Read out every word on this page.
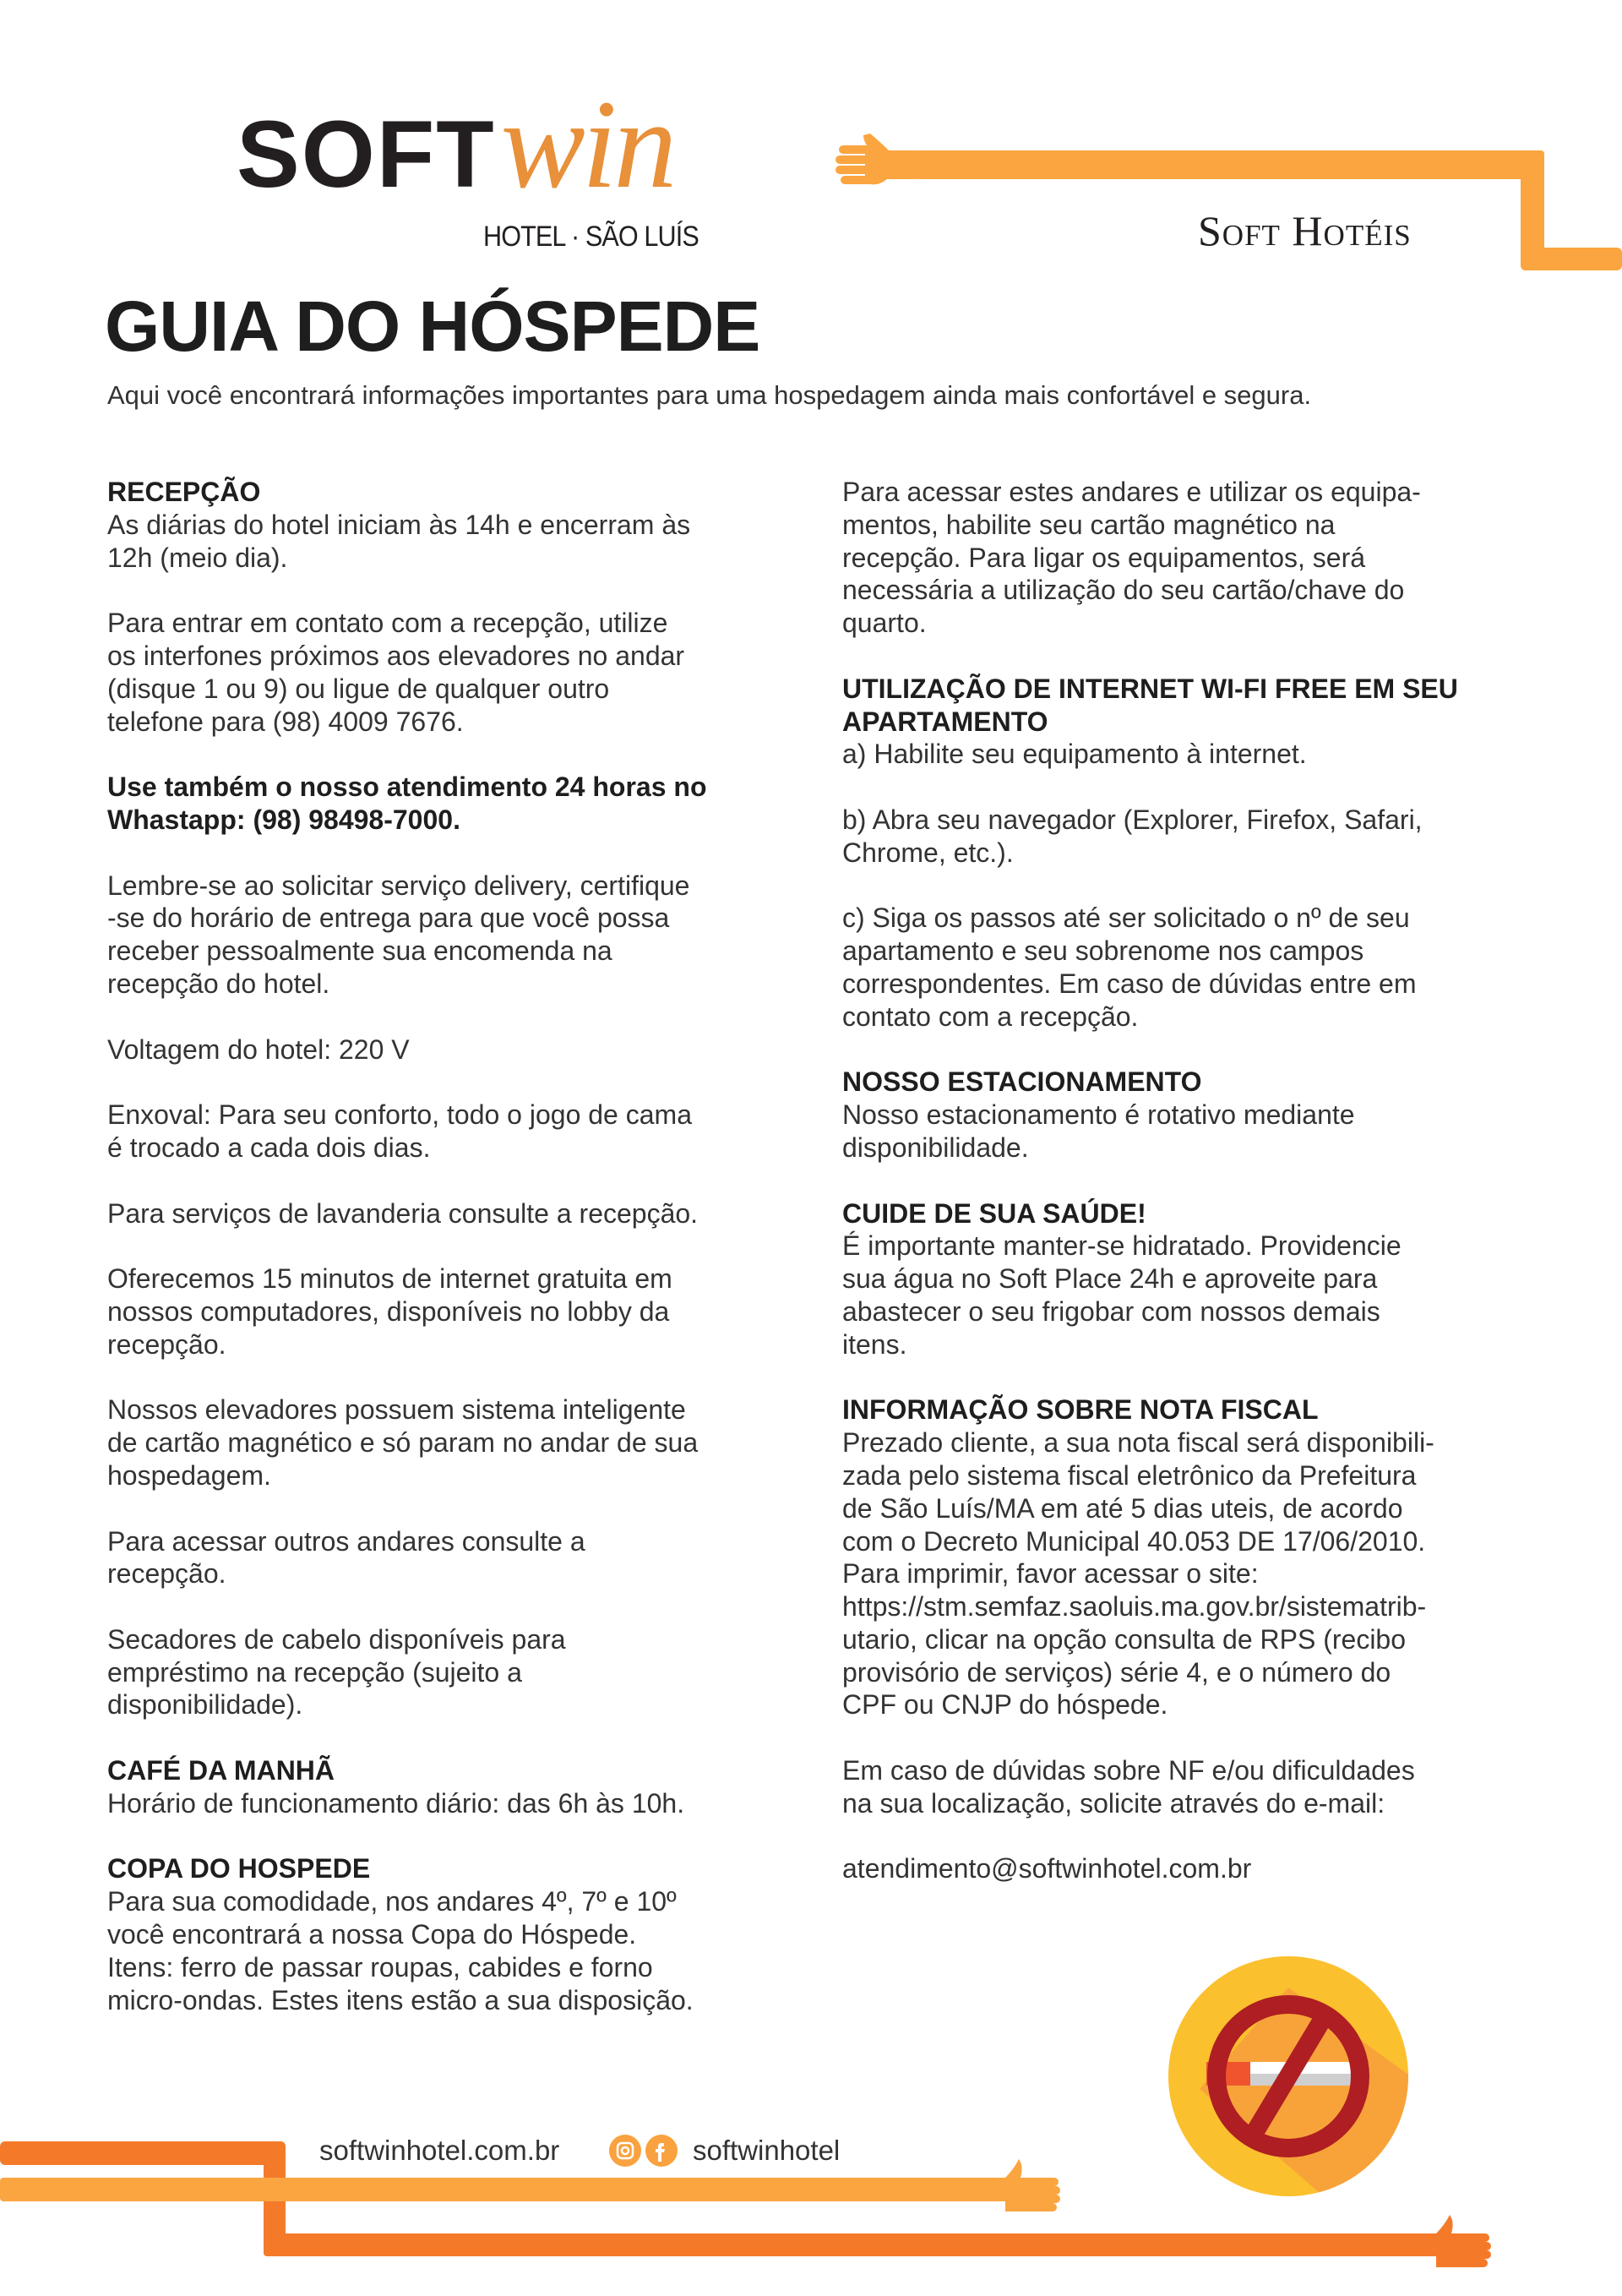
SOFT win
HOTEL · SÃO LUÍS	Soft Hotéis
GUIA DO HÓSPEDE
Aqui você encontrará informações importantes para uma hospedagem ainda mais confortável e segura.
RECEPÇÃO
As diárias do hotel iniciam às 14h e encerram às
12h (meio dia).
Para entrar em contato com a recepção, utilize
os interfones próximos aos elevadores no andar
(disque 1 ou 9) ou ligue de qualquer outro
telefone para (98) 4009 7676.
Use também o nosso atendimento 24 horas no
Whastapp: (98) 98498-7000.
Lembre-se ao solicitar serviço delivery, certifique
-se do horário de entrega para que você possa
receber pessoalmente sua encomenda na
recepção do hotel.
Voltagem do hotel: 220 V
Enxoval: Para seu conforto, todo o jogo de cama
é trocado a cada dois dias.
Para serviços de lavanderia consulte a recepção.
Oferecemos 15 minutos de internet gratuita em
nossos computadores, disponíveis no lobby da
recepção.
Nossos elevadores possuem sistema inteligente
de cartão magnético e só param no andar de sua
hospedagem.
Para acessar outros andares consulte a
recepção.
Secadores de cabelo disponíveis para
empréstimo na recepção (sujeito a
disponibilidade).
CAFÉ DA MANHÃ
Horário de funcionamento diário: das 6h às 10h.
COPA DO HOSPEDE
Para sua comodidade, nos andares 4º, 7º e 10º
você encontrará a nossa Copa do Hóspede.
Itens: ferro de passar roupas, cabides e forno
micro-ondas. Estes itens estão a sua disposição.
Para acessar estes andares e utilizar os equipa-
mentos, habilite seu cartão magnético na
recepção. Para ligar os equipamentos, será
necessária a utilização do seu cartão/chave do
quarto.
UTILIZAÇÃO DE INTERNET WI-FI FREE EM SEU
APARTAMENTO
a) Habilite seu equipamento à internet.
b) Abra seu navegador (Explorer, Firefox, Safari,
Chrome, etc.).
c) Siga os passos até ser solicitado o nº de seu
apartamento e seu sobrenome nos campos
correspondentes. Em caso de dúvidas entre em
contato com a recepção.
NOSSO ESTACIONAMENTO
Nosso estacionamento é rotativo mediante
disponibilidade.
CUIDE DE SUA SAÚDE!
É importante manter-se hidratado. Providencie
sua água no Soft Place 24h e aproveite para
abastecer o seu frigobar com nossos demais
itens.
INFORMAÇÃO SOBRE NOTA FISCAL
Prezado cliente, a sua nota fiscal será disponibili-
zada pelo sistema fiscal eletrônico da Prefeitura
de São Luís/MA em até 5 dias uteis, de acordo
com o Decreto Municipal 40.053 DE 17/06/2010.
Para imprimir, favor acessar o site:
https://stm.semfaz.saoluis.ma.gov.br/sistematrib-
utario, clicar na opção consulta de RPS (recibo
provisório de serviços) série 4, e o número do
CPF ou CNJP do hóspede.
Em caso de dúvidas sobre NF e/ou dificuldades
na sua localização, solicite através do e-mail:
atendimento@softwinhotel.com.br
softwinhotel.com.br	softwinhotel
